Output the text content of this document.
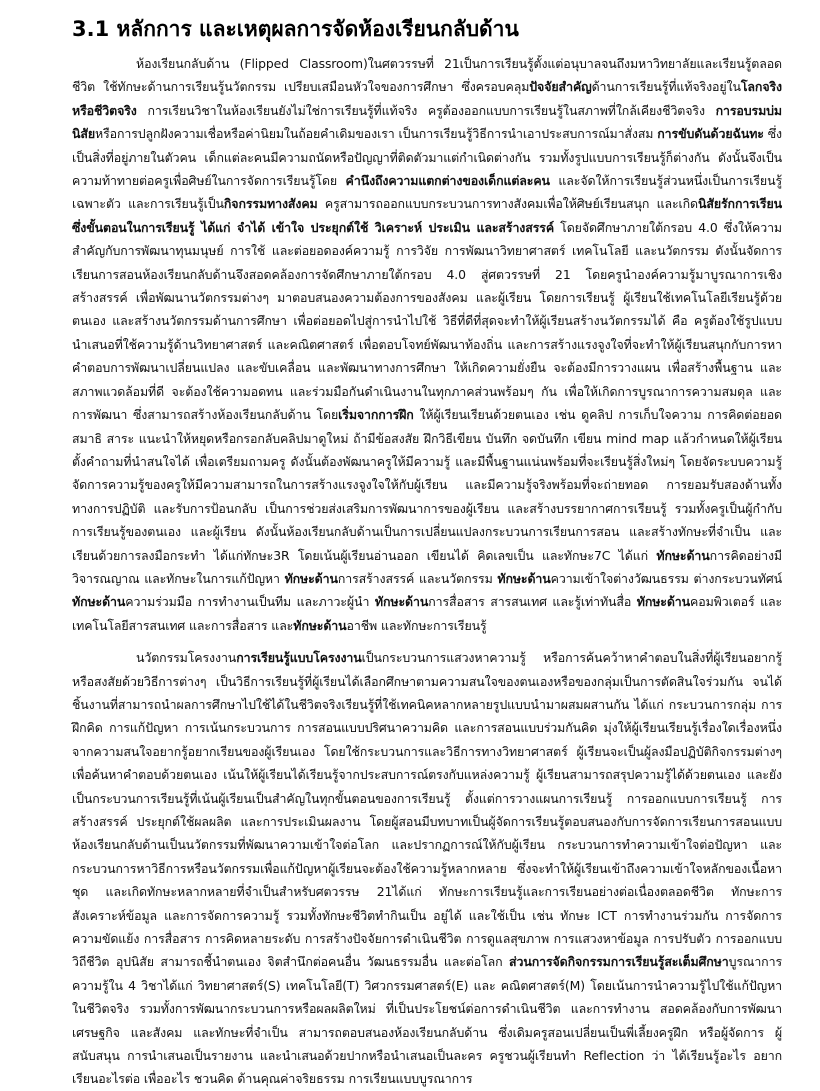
3.1 หลักการ และเหตุผลการจัดห้องเรียนกลับด้าน

ห้องเรียนกลับด้าน (Flipped Classroom)ในศตวรรษที่ 21เป็นการเรียนรู้ตั้งแต่อนุบาลจนถึงมหาวิทยาลัยและเรียนรู้ตลอดชีวิต ใช้ทักษะด้านการเรียนรู้นวัตกรรม เปรียบเสมือนหัวใจของการศึกษา ซึ่งครอบคลุมปัจจัยสำคัญด้านการเรียนรู้ที่แท้จริงอยู่ในโลกจริงหรือชีวิตจริง การเรียนวิชาในห้องเรียนยังไม่ใช่การเรียนรู้ที่แท้จริง ครูต้องออกแบบการเรียนรู้ในสภาพที่ใกล้เคียงชีวิตจริง การอบรมบ่มนิสัยหรือการปลูกฝังความเชื่อหรือค่านิยมในถ้อยคำเดิมของเรา เป็นการเรียนรู้วิธีการนำเอาประสบการณ์มาสั่งสม การขับดันด้วยฉันทะ ซึ่งเป็นสิ่งที่อยู่ภายในตัวคน เด็กแต่ละคนมีความถนัดหรือปัญญาที่ติดตัวมาแต่กำเนิดต่างกัน รวมทั้งรูปแบบการเรียนรู้ก็ต่างกัน ดังนั้นจึงเป็นความท้าทายต่อครูเพื่อศิษย์ในการจัดการเรียนรู้โดย คำนึงถึงความแตกต่างของเด็กแต่ละคน และจัดให้การเรียนรู้ส่วนหนึ่งเป็นการเรียนรู้เฉพาะตัว และการเรียนรู้เป็นกิจกรรมทางสังคม ครูสามารถออกแบบกระบวนการทางสังคมเพื่อให้ศิษย์เรียนสนุก และเกิดนิสัยรักการเรียน ซึ่งขั้นตอนในการเรียนรู้ ได้แก่ จำได้ เข้าใจ ประยุกต์ใช้ วิเคราะห์ ประเมิน และสร้างสรรค์ โดยจัดศึกษาภายใต้กรอบ 4.0 ซึ่งให้ความสำคัญกับการพัฒนาทุนมนุษย์ การใช้ และต่อยอดองค์ความรู้ การวิจัย การพัฒนาวิทยาศาสตร์ เทคโนโลยี และนวัตกรรม ดังนั้นจัดการเรียนการสอนห้องเรียนกลับด้านจึงสอดคล้องการจัดศึกษาภายใต้กรอบ 4.0 สู่ศตวรรษที่ 21 โดยครูนำองค์ความรู้มาบูรณาการเชิงสร้างสรรค์ เพื่อพัฒนานวัตกรรมต่างๆ มาตอบสนองความต้องการของสังคม และผู้เรียน โดยการเรียนรู้ ผู้เรียนใช้เทคโนโลยีเรียนรู้ด้วยตนเอง และสร้างนวัตกรรมด้านการศึกษา เพื่อต่อยอดไปสู่การนำไปใช้ วิธีที่ดีที่สุดจะทำให้ผู้เรียนสร้างนวัตกรรมได้ คือ ครูต้องใช้รูปแบบนำเสนอที่ใช้ความรู้ด้านวิทยาศาสตร์ และคณิตศาสตร์ เพื่อตอบโจทย์พัฒนาท้องถิ่น และการสร้างแรงจูงใจที่จะทำให้ผู้เรียนสนุกกับการหาคำตอบการพัฒนาเปลี่ยนแปลง และขับเคลื่อน และพัฒนาทางการศึกษา ให้เกิดความยั่งยืน จะต้องมีการวางแผน เพื่อสร้างพื้นฐาน และสภาพแวดล้อมที่ดี จะต้องใช้ความอดทน และร่วมมือกันดำเนินงานในทุกภาคส่วนพร้อมๆ กัน เพื่อให้เกิดการบูรณาการความสมดุล และการพัฒนา ซึ่งสามารถสร้างห้องเรียนกลับด้าน โดยเริ่มจากการฝึก ให้ผู้เรียนเรียนด้วยตนเอง เช่น ดูคลิป การเก็บใจความ การคิดต่อยอดสมาธิ สาระ แนะนำให้หยุดหรือกรอกลับคลิปมาดูใหม่ ถ้ามีข้อสงสัย ฝึกวิธีเขียน บันทึก จดบันทึก เขียน mind map แล้วกำหนดให้ผู้เรียนตั้งคำถามที่นำสนใจได้ เพื่อเตรียมถามครู ดังนั้นต้องพัฒนาครูให้มีความรู้ และมีพื้นฐานแน่นพร้อมที่จะเรียนรู้สิ่งใหม่ๆ โดยจัดระบบความรู้ จัดการความรู้ของครูให้มีความสามารถในการสร้างแรงจูงใจให้กับผู้เรียน และมีความรู้จริงพร้อมที่จะถ่ายทอด การยอมรับสองด้านทั้งทางการปฏิบัติ และรับการป้อนกลับ เป็นการช่วยส่งเสริมการพัฒนาการของผู้เรียน และสร้างบรรยากาศการเรียนรู้ รวมทั้งครูเป็นผู้กำกับการเรียนรู้ของตนเอง และผู้เรียน ดังนั้นห้องเรียนกลับด้านเป็นการเปลี่ยนแปลงกระบวนการเรียนการสอน และสร้างทักษะที่จำเป็น และเรียนด้วยการลงมือกระทำ ได้แก่ทักษะ3R โดยเน้นผู้เรียนอ่านออก เขียนได้ คิดเลขเป็น และทักษะ7C ได้แก่ ทักษะด้านการคิดอย่างมีวิจารณญาณ และทักษะในการแก้ปัญหา ทักษะด้านการสร้างสรรค์ และนวัตกรรม ทักษะด้านความเข้าใจต่างวัฒนธรรม ต่างกระบวนทัศน์ ทักษะด้านความร่วมมือ การทำงานเป็นทีม และภาวะผู้นำ ทักษะด้านการสื่อสาร สารสนเทศ และรู้เท่าทันสื่อ ทักษะด้านคอมพิวเตอร์ และเทคโนโลยีสารสนเทศ และการสื่อสาร และทักษะด้านอาชีพ และทักษะการเรียนรู้

นวัตกรรมโครงงานการเรียนรู้แบบโครงงานเป็นกระบวนการแสวงหาความรู้ หรือการค้นคว้าหาคำตอบในสิ่งที่ผู้เรียนอยากรู้หรือสงสัยด้วยวิธีการต่างๆ เป็นวิธีการเรียนรู้ที่ผู้เรียนได้เลือกศึกษาตามความสนใจของตนเองหรือของกลุ่มเป็นการตัดสินใจร่วมกัน จนได้ชิ้นงานที่สามารถนำผลการศึกษาไปใช้ได้ในชีวิตจริงเรียนรู้ที่ใช้เทคนิคหลากหลายรูปแบบนำมาผสมผสานกัน ได้แก่ กระบวนการกลุ่ม การฝึกคิด การแก้ปัญหา การเน้นกระบวนการ การสอนแบบปริศนาความคิด และการสอนแบบร่วมกันคิด มุ่งให้ผู้เรียนเรียนรู้เรื่องใดเรื่องหนึ่งจากความสนใจอยากรู้อยากเรียนของผู้เรียนเอง โดยใช้กระบวนการและวิธีการทางวิทยาศาสตร์ ผู้เรียนจะเป็นผู้ลงมือปฏิบัติกิจกรรมต่างๆ เพื่อค้นหาคำตอบด้วยตนเอง เน้นให้ผู้เรียนได้เรียนรู้จากประสบการณ์ตรงกับแหล่งความรู้ ผู้เรียนสามารถสรุปความรู้ได้ด้วยตนเอง และยังเป็นกระบวนการเรียนรู้ที่เน้นผู้เรียนเป็นสำคัญในทุกขั้นตอนของการเรียนรู้ ตั้งแต่การวางแผนการเรียนรู้ การออกแบบการเรียนรู้ การสร้างสรรค์ ประยุกต์ใช้ผลผลิต และการประเมินผลงาน โดยผู้สอนมีบทบาทเป็นผู้จัดการเรียนรู้ตอบสนองกับการจัดการเรียนการสอนแบบห้องเรียนกลับด้านเป็นนวัตกรรมที่พัฒนาความเข้าใจต่อโลก และปรากฏการณ์ให้กับผู้เรียน กระบวนการทำความเข้าใจต่อปัญหา และ กระบวนการหาวิธีการหรือนวัตกรรมเพื่อแก้ปัญหาผู้เรียนจะต้องใช้ความรู้หลากหลาย ซึ่งจะทำให้ผู้เรียนเข้าถึงความเข้าใจหลักของเนื้อหาชุด และเกิดทักษะหลากหลายที่จำเป็นสำหรับศตวรรษ 21ได้แก่ ทักษะการเรียนรู้และการเรียนอย่างต่อเนื่องตลอดชีวิต ทักษะการสังเคราะห์ข้อมูล และการจัดการความรู้ รวมทั้งทักษะชีวิตทำกินเป็น อยู่ได้ และใช้เป็น เช่น ทักษะ ICT การทำงานร่วมกัน การจัดการความขัดแย้ง การสื่อสาร การคิดหลายระดับ การสร้างปัจจัยการดำเนินชีวิต การดูแลสุขภาพ การแสวงหาข้อมูล การปรับตัว การออกแบบวิถีชีวิต อุปนิสัย สามารถชี้นำตนเอง จิตสำนึกต่อคนอื่น วัฒนธรรมอื่น และต่อโลก ส่วนการจัดกิจกรรมการเรียนรู้สะเต็มศึกษาบูรณาการความรู้ใน 4 วิชาได้แก่ วิทยาศาสตร์(S) เทคโนโลยี(T) วิศวกรรมศาสตร์(E) และ คณิตศาสตร์(M) โดยเน้นการนำความรู้ไปใช้แก้ปัญหาในชีวิตจริง รวมทั้งการพัฒนากระบวนการหรือผลผลิตใหม่ ที่เป็นประโยชน์ต่อการดำเนินชีวิต และการทำงาน สอดคล้องกับการพัฒนาเศรษฐกิจ และสังคม และทักษะที่จำเป็น สามารถตอบสนองห้องเรียนกลับด้าน ซึ่งเดิมครูสอนเปลี่ยนเป็นพี่เลี้ยงครูฝึก หรือผู้จัดการ ผู้สนับสนุน การนำเสนอเป็นรายงาน และนำเสนอด้วยปากหรือนำเสนอเป็นละคร ครูชวนผู้เรียนทำ Reflection ว่า ได้เรียนรู้อะไร อยากเรียนอะไรต่อ เพื่ออะไร ชวนคิด ด้านคุณค่าจริยธรรม การเรียนแบบบูรณาการ
